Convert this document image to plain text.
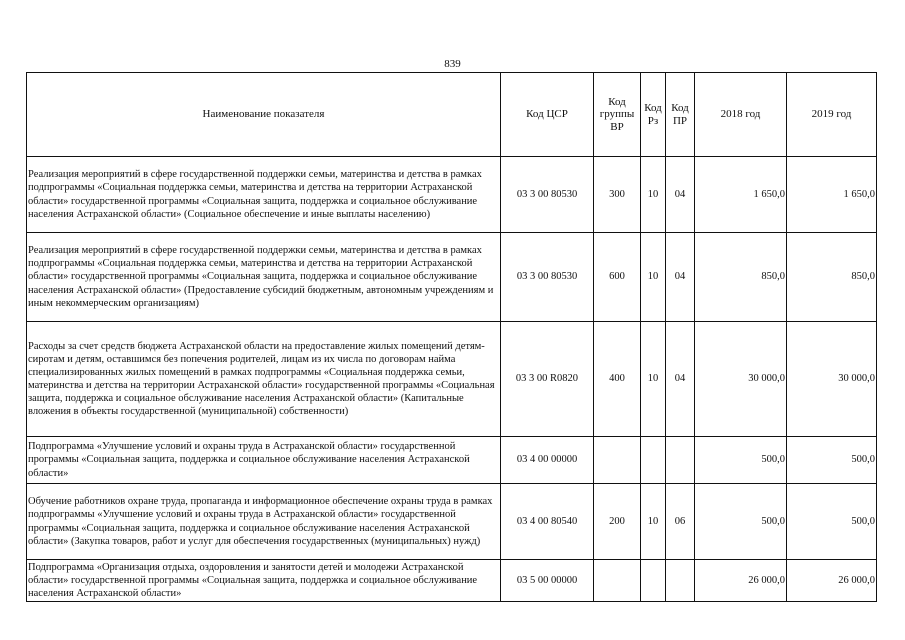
839
Наименование показателя	Код ЦСР	Код группы ВР	Код Рз	Код ПР	2018 год	2019 год
Реализация мероприятий в сфере государственной поддержки семьи, материнства и детства в рамках подпрограммы «Социальная поддержка семьи, материнства и детства на территории Астраханской области» государственной программы «Социальная защита, поддержка и социальное обслуживание населения Астраханской области» (Социальное обеспечение и иные выплаты населению)	03 3 00 80530	300	10	04	1 650,0	1 650,0
Реализация мероприятий в сфере государственной поддержки семьи, материнства и детства в рамках подпрограммы «Социальная поддержка семьи, материнства и детства на территории Астраханской области» государственной программы «Социальная защита, поддержка и социальное обслуживание населения Астраханской области» (Предоставление субсидий бюджетным, автономным учреждениям и иным некоммерческим организациям)	03 3 00 80530	600	10	04	850,0	850,0
Расходы за счет средств бюджета Астраханской области на предоставление жилых помещений детям-сиротам и детям, оставшимся без попечения родителей, лицам из их числа по договорам найма специализированных жилых помещений в рамках подпрограммы «Социальная поддержка семьи, материнства и детства на территории Астраханской области» государственной программы «Социальная защита, поддержка и социальное обслуживание населения Астраханской области» (Капитальные вложения в объекты государственной (муниципальной) собственности)	03 3 00 R0820	400	10	04	30 000,0	30 000,0
Подпрограмма «Улучшение условий и охраны труда в Астраханской области» государственной программы «Социальная защита, поддержка и социальное обслуживание населения Астраханской области»	03 4 00 00000				500,0	500,0
Обучение работников охране труда, пропаганда и информационное обеспечение охраны труда в рамках подпрограммы «Улучшение условий и охраны труда в Астраханской области» государственной программы «Социальная защита, поддержка и социальное обслуживание населения Астраханской области» (Закупка товаров, работ и услуг для обеспечения государственных (муниципальных) нужд)	03 4 00 80540	200	10	06	500,0	500,0
Подпрограмма «Организация отдыха, оздоровления и занятости детей и молодежи Астраханской области» государственной программы «Социальная защита, поддержка и социальное обслуживание населения Астраханской области»	03 5 00 00000				26 000,0	26 000,0
